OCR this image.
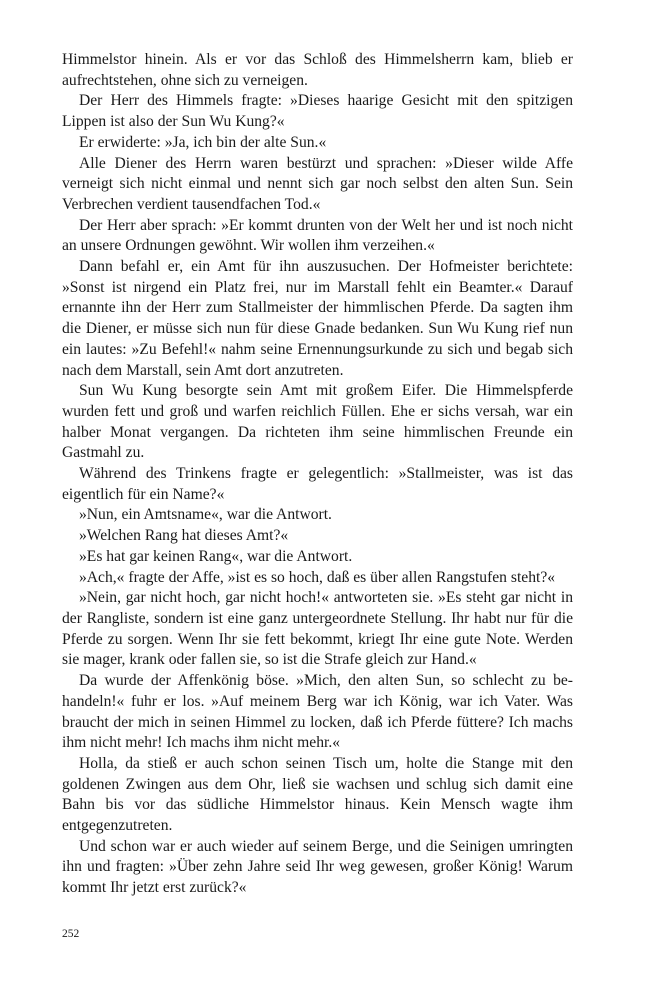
Himmelstor hinein. Als er vor das Schloß des Himmelsherrn kam, blieb er aufrechtstehen, ohne sich zu verneigen.

Der Herr des Himmels fragte: »Dieses haarige Gesicht mit den spitzigen Lippen ist also der Sun Wu Kung?«

Er erwiderte: »Ja, ich bin der alte Sun.«

Alle Diener des Herrn waren bestürzt und sprachen: »Dieser wilde Affe verneigt sich nicht einmal und nennt sich gar noch selbst den alten Sun. Sein Verbrechen verdient tausendfachen Tod.«

Der Herr aber sprach: »Er kommt drunten von der Welt her und ist noch nicht an unsere Ordnungen gewöhnt. Wir wollen ihm verzeihen.«

Dann befahl er, ein Amt für ihn auszusuchen. Der Hofmeister berichtete: »Sonst ist nirgend ein Platz frei, nur im Marstall fehlt ein Beamter.« Darauf ernannte ihn der Herr zum Stallmeister der himmlischen Pferde. Da sagten ihm die Diener, er müsse sich nun für diese Gnade bedanken. Sun Wu Kung rief nun ein lautes: »Zu Befehl!« nahm seine Ernennungsurkunde zu sich und begab sich nach dem Marstall, sein Amt dort anzutreten.

Sun Wu Kung besorgte sein Amt mit großem Eifer. Die Himmelspferde wurden fett und groß und warfen reichlich Füllen. Ehe er sichs versah, war ein halber Monat vergangen. Da richteten ihm seine himmlischen Freunde ein Gastmahl zu.

Während des Trinkens fragte er gelegentlich: »Stallmeister, was ist das eigentlich für ein Name?«

»Nun, ein Amtsname«, war die Antwort.

»Welchen Rang hat dieses Amt?«

»Es hat gar keinen Rang«, war die Antwort.

»Ach,« fragte der Affe, »ist es so hoch, daß es über allen Rangstufen steht?«

»Nein, gar nicht hoch, gar nicht hoch!« antworteten sie. »Es steht gar nicht in der Rangliste, sondern ist eine ganz untergeordnete Stellung. Ihr habt nur für die Pferde zu sorgen. Wenn Ihr sie fett bekommt, kriegt Ihr eine gute Note. Werden sie mager, krank oder fallen sie, so ist die Strafe gleich zur Hand.«

Da wurde der Affenkönig böse. »Mich, den alten Sun, so schlecht zu behandeln!« fuhr er los. »Auf meinem Berg war ich König, war ich Vater. Was braucht der mich in seinen Himmel zu locken, daß ich Pferde füttere? Ich machs ihm nicht mehr! Ich machs ihm nicht mehr.«

Holla, da stieß er auch schon seinen Tisch um, holte die Stange mit den goldenen Zwingen aus dem Ohr, ließ sie wachsen und schlug sich damit eine Bahn bis vor das südliche Himmelstor hinaus. Kein Mensch wagte ihm entgegenzutreten.

Und schon war er auch wieder auf seinem Berge, und die Seinigen umringten ihn und fragten: »Über zehn Jahre seid Ihr weg gewesen, großer König! Warum kommt Ihr jetzt erst zurück?«

252
